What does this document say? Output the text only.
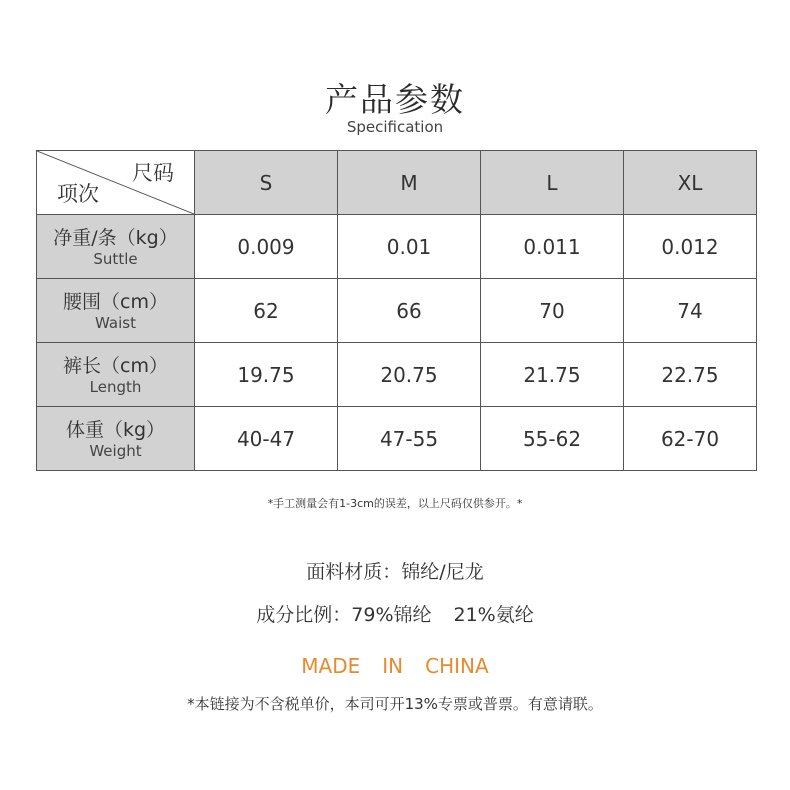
产品参数
Specification
尺码
项次	S	M	L	XL

净重/条（kg）
Suttle	0.009	0.01	0.011	0.012

腰围（cm）
Waist	62	66	70	74

裤长（cm）
Length	19.75	20.75	21.75	22.75

体重（kg）
Weight	40-47	47-55	55-62	62-70
*手工测量会有1-3cm的误差，以上尺码仅供参开。*
面料材质：锦纶/尼龙
成分比例：79%锦纶 21%氨纶
MADE IN CHINA
*本链接为不含税单价，本司可开13%专票或普票。有意请联。
